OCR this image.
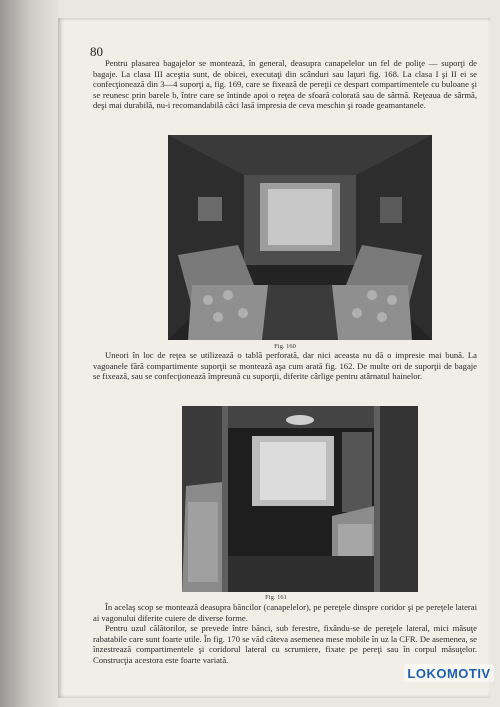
80

Pentru plasarea bagajelor se montează, în general, deasupra canapelelor un fel de poliţe — suporţi de bagaje. La clasa III aceştia sunt, de obicei, executaţi din scânduri sau laţuri fig. 168. La clasa I şi II ei se confecţionează din 3—4 suporţi a, fig. 169, care se fixează de pereţii ce despart compartimentele cu buloane şi se reunesc prin barele b, între care se întinde apoi o reţea de sfoară colorată sau de sârmă. Reţeaua de sârmă, deşi mai durabilă, nu-i recomandabilă căci lasă impresia de ceva meschin şi roade geamantanele.

Fig. 160

Uneori în loc de reţea se utilizează o tablă perforată, dar nici aceasta nu dă o impresie mai bună. La vagoanele fără compartimente suporţii se montează aşa cum arată fig. 162. De multe ori de suporţii de bagaje se fixează, sau se confecţionează împreună cu suporţii, diferite cârlige pentru atârnatul hainelor.

Fig. 161

În acelaş scop se montează deasupra băncilor (canapelelor), pe pereţele dinspre coridor şi pe pereţele laterai ai vagonului diferite cuiere de diverse forme.

Pentru uzul călătorilor, se prevede între bănci, sub ferestre, fixându-se de pereţele lateral, mici măsuţe rabatabile care sunt foarte utile. În fig. 170 se văd câteva asemenea mese mobile în uz la CFR. De asemenea, se înzestrează compartimentele şi coridorul lateral cu scrumiere, fixate pe pereţi sau în corpul măsuţelor. Construcţia acestora este foarte variată.

LOKOMOTIV
